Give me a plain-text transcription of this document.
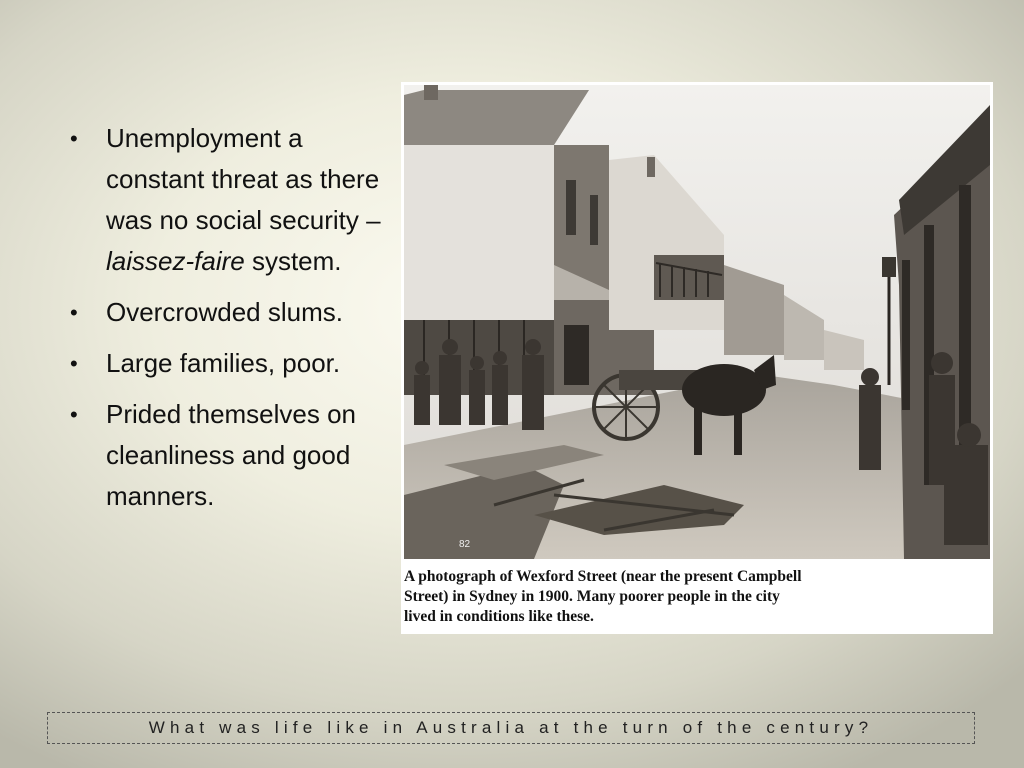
• Unemployment a constant threat as there was no social security – laissez-faire system.
• Overcrowded slums.
• Large families, poor.
• Prided themselves on cleanliness and good manners.
82
A photograph of Wexford Street (near the present Campbell
Street) in Sydney in 1900. Many poorer people in the city
lived in conditions like these.
What was life like in Australia at the turn of the century?
